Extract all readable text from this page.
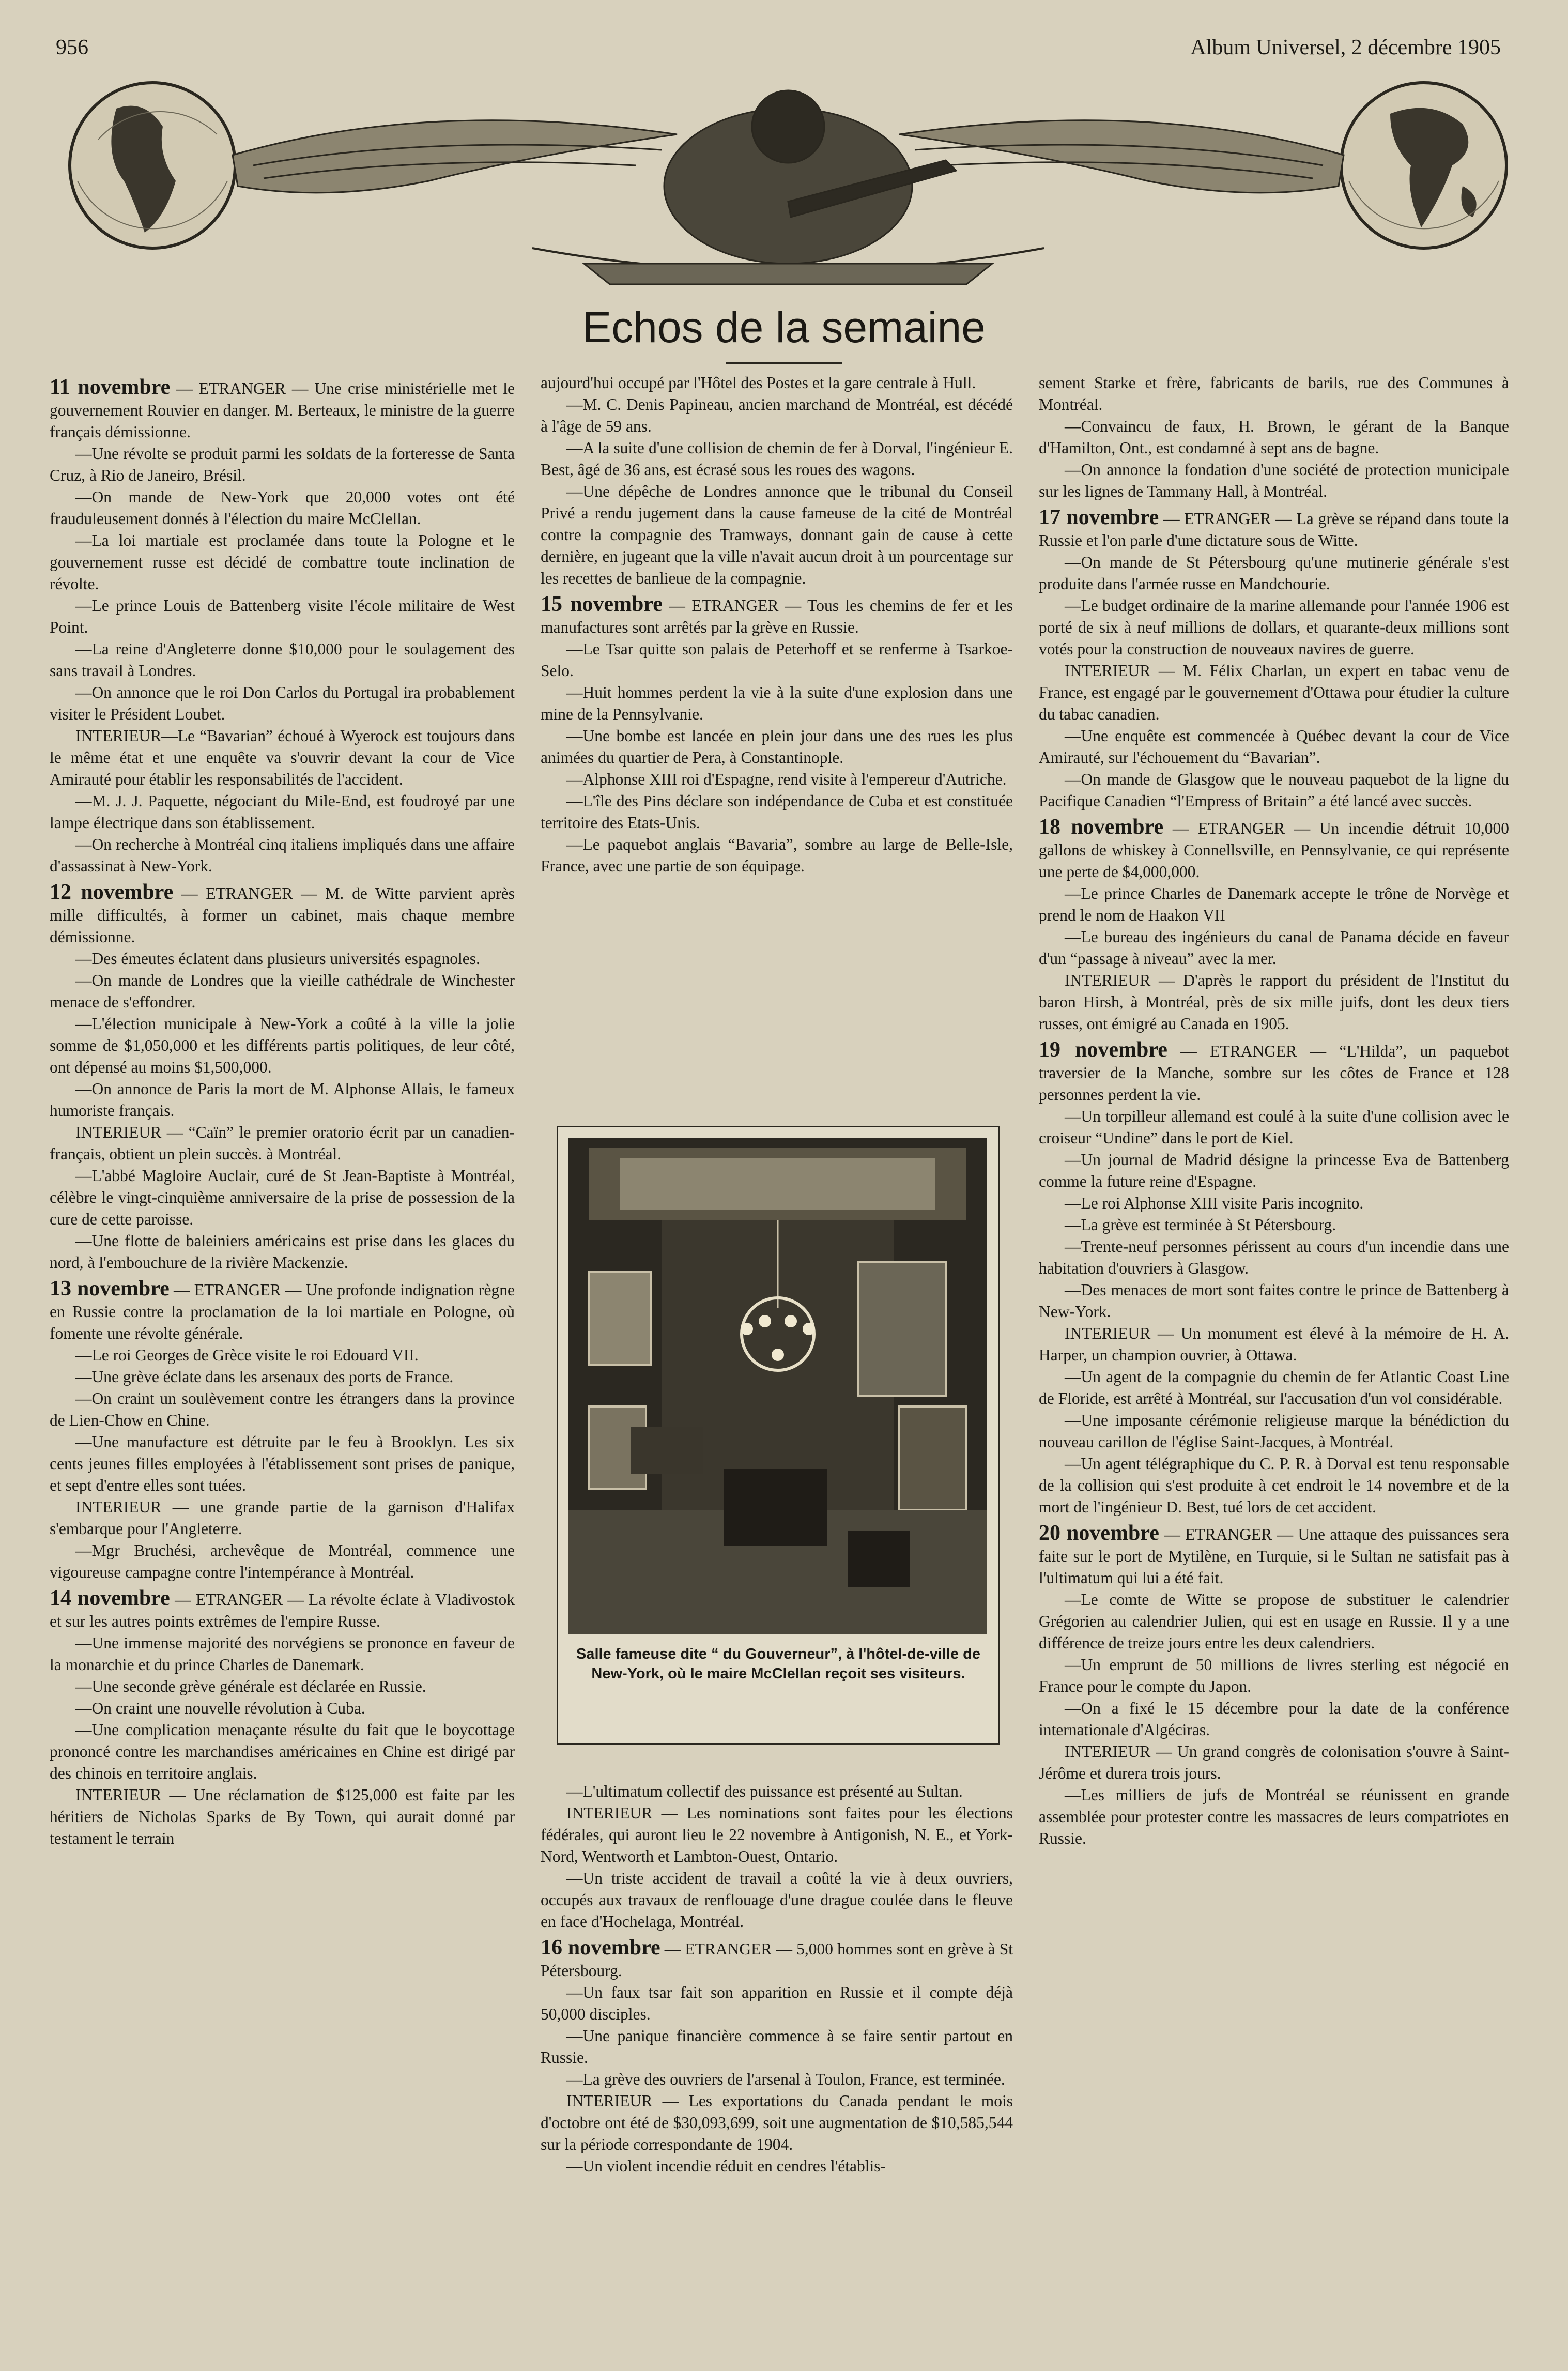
956	Album Universel, 2 décembre 1905
Echos de la semaine

11 novembre — ETRANGER — Une crise ministérielle met le gouvernement Rouvier en danger. M. Berteaux, le ministre de la guerre français démissionne.

—Une révolte se produit parmi les soldats de la forteresse de Santa Cruz, à Rio de Janeiro, Brésil.

—On mande de New-York que 20,000 votes ont été frauduleusement donnés à l'élection du maire McClellan.

—La loi martiale est proclamée dans toute la Pologne et le gouvernement russe est décidé de combattre toute inclination de révolte.

—Le prince Louis de Battenberg visite l'école militaire de West Point.

—La reine d'Angleterre donne $10,000 pour le soulagement des sans travail à Londres.

—On annonce que le roi Don Carlos du Portugal ira probablement visiter le Président Loubet.

INTERIEUR—Le “Bavarian” échoué à Wyerock est toujours dans le même état et une enquête va s'ouvrir devant la cour de Vice Amirauté pour établir les responsabilités de l'accident.

—M. J. J. Paquette, négociant du Mile-End, est foudroyé par une lampe électrique dans son établissement.

—On recherche à Montréal cinq italiens impliqués dans une affaire d'assassinat à New-York.

12 novembre — ETRANGER — M. de Witte parvient après mille difficultés, à former un cabinet, mais chaque membre démissionne.

—Des émeutes éclatent dans plusieurs universités espagnoles.

—On mande de Londres que la vieille cathédrale de Winchester menace de s'effondrer.

—L'élection municipale à New-York a coûté à la ville la jolie somme de $1,050,000 et les différents partis politiques, de leur côté, ont dépensé au moins $1,500,000.

—On annonce de Paris la mort de M. Alphonse Allais, le fameux humoriste français.

INTERIEUR — “Caïn” le premier oratorio écrit par un canadien-français, obtient un plein succès. à Montréal.

—L'abbé Magloire Auclair, curé de St Jean-Baptiste à Montréal, célèbre le vingt-cinquième anniversaire de la prise de possession de la cure de cette paroisse.

—Une flotte de baleiniers américains est prise dans les glaces du nord, à l'embouchure de la rivière Mackenzie.

13 novembre — ETRANGER — Une profonde indignation règne en Russie contre la proclamation de la loi martiale en Pologne, où fomente une révolte générale.

—Le roi Georges de Grèce visite le roi Edouard VII.

—Une grève éclate dans les arsenaux des ports de France.

—On craint un soulèvement contre les étrangers dans la province de Lien-Chow en Chine.

—Une manufacture est détruite par le feu à Brooklyn. Les six cents jeunes filles employées à l'établissement sont prises de panique, et sept d'entre elles sont tuées.

INTERIEUR — une grande partie de la garnison d'Halifax s'embarque pour l'Angleterre.

—Mgr Bruchési, archevêque de Montréal, commence une vigoureuse campagne contre l'intempérance à Montréal.

14 novembre — ETRANGER — La révolte éclate à Vladivostok et sur les autres points extrêmes de l'empire Russe.

—Une immense majorité des norvégiens se prononce en faveur de la monarchie et du prince Charles de Danemark.

—Une seconde grève générale est déclarée en Russie.

—On craint une nouvelle révolution à Cuba.

—Une complication menaçante résulte du fait que le boycottage prononcé contre les marchandises américaines en Chine est dirigé par des chinois en territoire anglais.

INTERIEUR — Une réclamation de $125,000 est faite par les héritiers de Nicholas Sparks de By Town, qui aurait donné par testament le terrain

aujourd'hui occupé par l'Hôtel des Postes et la gare centrale à Hull.

—M. C. Denis Papineau, ancien marchand de Montréal, est décédé à l'âge de 59 ans.

—A la suite d'une collision de chemin de fer à Dorval, l'ingénieur E. Best, âgé de 36 ans, est écrasé sous les roues des wagons.

—Une dépêche de Londres annonce que le tribunal du Conseil Privé a rendu jugement dans la cause fameuse de la cité de Montréal contre la compagnie des Tramways, donnant gain de cause à cette dernière, en jugeant que la ville n'avait aucun droit à un pourcentage sur les recettes de banlieue de la compagnie.

15 novembre — ETRANGER — Tous les chemins de fer et les manufactures sont arrêtés par la grève en Russie.

—Le Tsar quitte son palais de Peterhoff et se renferme à Tsarkoe-Selo.

—Huit hommes perdent la vie à la suite d'une explosion dans une mine de la Pennsylvanie.

—Une bombe est lancée en plein jour dans une des rues les plus animées du quartier de Pera, à Constantinople.

—Alphonse XIII roi d'Espagne, rend visite à l'empereur d'Autriche.

—L'île des Pins déclare son indépendance de Cuba et est constituée territoire des Etats-Unis.

—Le paquebot anglais “Bavaria”, sombre au large de Belle-Isle, France, avec une partie de son équipage.

Salle fameuse dite “ du Gouverneur”, à l'hôtel-de-ville de New-York, où le maire McClellan reçoit ses visiteurs.

—L'ultimatum collectif des puissance est présenté au Sultan.

INTERIEUR — Les nominations sont faites pour les élections fédérales, qui auront lieu le 22 novembre à Antigonish, N. E., et York-Nord, Wentworth et Lambton-Ouest, Ontario.

—Un triste accident de travail a coûté la vie à deux ouvriers, occupés aux travaux de renflouage d'une drague coulée dans le fleuve en face d'Hochelaga, Montréal.

16 novembre — ETRANGER — 5,000 hommes sont en grève à St Pétersbourg.

—Un faux tsar fait son apparition en Russie et il compte déjà 50,000 disciples.

—Une panique financière commence à se faire sentir partout en Russie.

—La grève des ouvriers de l'arsenal à Toulon, France, est terminée.

INTERIEUR — Les exportations du Canada pendant le mois d'octobre ont été de $30,093,699, soit une augmentation de $10,585,544 sur la période correspondante de 1904.

—Un violent incendie réduit en cendres l'établis-

sement Starke et frère, fabricants de barils, rue des Communes à Montréal.

—Convaincu de faux, H. Brown, le gérant de la Banque d'Hamilton, Ont., est condamné à sept ans de bagne.

—On annonce la fondation d'une société de protection municipale sur les lignes de Tammany Hall, à Montréal.

17 novembre — ETRANGER — La grève se répand dans toute la Russie et l'on parle d'une dictature sous de Witte.

—On mande de St Pétersbourg qu'une mutinerie générale s'est produite dans l'armée russe en Mandchourie.

—Le budget ordinaire de la marine allemande pour l'année 1906 est porté de six à neuf millions de dollars, et quarante-deux millions sont votés pour la construction de nouveaux navires de guerre.

INTERIEUR — M. Félix Charlan, un expert en tabac venu de France, est engagé par le gouvernement d'Ottawa pour étudier la culture du tabac canadien.

—Une enquête est commencée à Québec devant la cour de Vice Amirauté, sur l'échouement du “Bavarian”.

—On mande de Glasgow que le nouveau paquebot de la ligne du Pacifique Canadien “l'Empress of Britain” a été lancé avec succès.

18 novembre — ETRANGER — Un incendie détruit 10,000 gallons de whiskey à Connellsville, en Pennsylvanie, ce qui représente une perte de $4,000,000.

—Le prince Charles de Danemark accepte le trône de Norvège et prend le nom de Haakon VII

—Le bureau des ingénieurs du canal de Panama décide en faveur d'un “passage à niveau” avec la mer.

INTERIEUR — D'après le rapport du président de l'Institut du baron Hirsh, à Montréal, près de six mille juifs, dont les deux tiers russes, ont émigré au Canada en 1905.

19 novembre — ETRANGER — “L'Hilda”, un paquebot traversier de la Manche, sombre sur les côtes de France et 128 personnes perdent la vie.

—Un torpilleur allemand est coulé à la suite d'une collision avec le croiseur “Undine” dans le port de Kiel.

—Un journal de Madrid désigne la princesse Eva de Battenberg comme la future reine d'Espagne.

—Le roi Alphonse XIII visite Paris incognito.

—La grève est terminée à St Pétersbourg.

—Trente-neuf personnes périssent au cours d'un incendie dans une habitation d'ouvriers à Glasgow.

—Des menaces de mort sont faites contre le prince de Battenberg à New-York.

INTERIEUR — Un monument est élevé à la mémoire de H. A. Harper, un champion ouvrier, à Ottawa.

—Un agent de la compagnie du chemin de fer Atlantic Coast Line de Floride, est arrêté à Montréal, sur l'accusation d'un vol considérable.

—Une imposante cérémonie religieuse marque la bénédiction du nouveau carillon de l'église Saint-Jacques, à Montréal.

—Un agent télégraphique du C. P. R. à Dorval est tenu responsable de la collision qui s'est produite à cet endroit le 14 novembre et de la mort de l'ingénieur D. Best, tué lors de cet accident.

20 novembre — ETRANGER — Une attaque des puissances sera faite sur le port de Mytilène, en Turquie, si le Sultan ne satisfait pas à l'ultimatum qui lui a été fait.

—Le comte de Witte se propose de substituer le calendrier Grégorien au calendrier Julien, qui est en usage en Russie. Il y a une différence de treize jours entre les deux calendriers.

—Un emprunt de 50 millions de livres sterling est négocié en France pour le compte du Japon.

—On a fixé le 15 décembre pour la date de la conférence internationale d'Algéciras.

INTERIEUR — Un grand congrès de colonisation s'ouvre à Saint-Jérôme et durera trois jours.

—Les milliers de jufs de Montréal se réunissent en grande assemblée pour protester contre les massacres de leurs compatriotes en Russie.
